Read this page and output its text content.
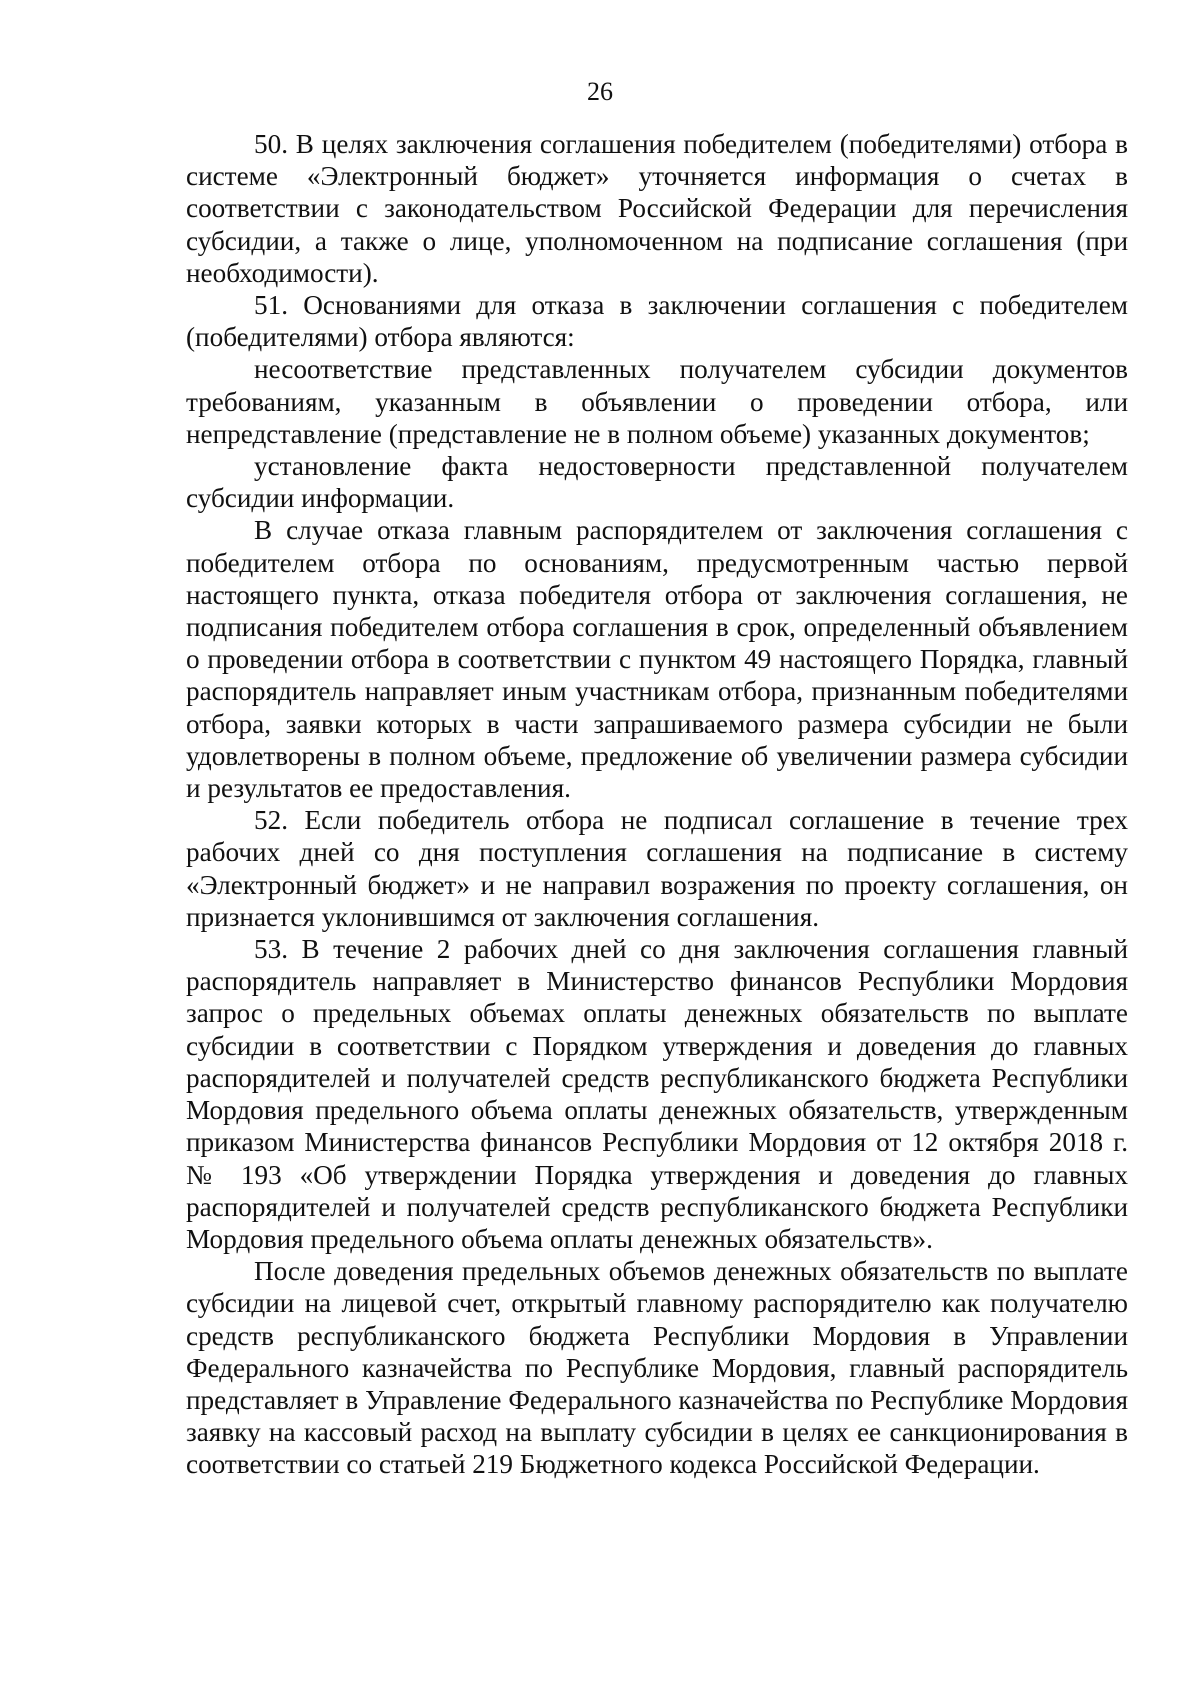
26

50. В целях заключения соглашения победителем (победителями) отбора в системе «Электронный бюджет» уточняется информация о счетах в соответствии с законодательством Российской Федерации для перечисления субсидии, а также о лице, уполномоченном на подписание соглашения (при необходимости).

51. Основаниями для отказа в заключении соглашения с победителем (победителями) отбора являются:

несоответствие представленных получателем субсидии документов требованиям, указанным в объявлении о проведении отбора, или непредставление (представление не в полном объеме) указанных документов;

установление факта недостоверности представленной получателем субсидии информации.

В случае отказа главным распорядителем от заключения соглашения с победителем отбора по основаниям, предусмотренным частью первой настоящего пункта, отказа победителя отбора от заключения соглашения, не подписания победителем отбора соглашения в срок, определенный объявлением о проведении отбора в соответствии с пунктом 49 настоящего Порядка, главный распорядитель направляет иным участникам отбора, признанным победителями отбора, заявки которых в части запрашиваемого размера субсидии не были удовлетворены в полном объеме, предложение об увеличении размера субсидии и результатов ее предоставления.

52. Если победитель отбора не подписал соглашение в течение трех рабочих дней со дня поступления соглашения на подписание в систему «Электронный бюджет» и не направил возражения по проекту соглашения, он признается уклонившимся от заключения соглашения.

53. В течение 2 рабочих дней со дня заключения соглашения главный распорядитель направляет в Министерство финансов Республики Мордовия запрос о предельных объемах оплаты денежных обязательств по выплате субсидии в соответствии с Порядком утверждения и доведения до главных распорядителей и получателей средств республиканского бюджета Республики Мордовия предельного объема оплаты денежных обязательств, утвержденным приказом Министерства финансов Республики Мордовия от 12 октября 2018 г. № 193 «Об утверждении Порядка утверждения и доведения до главных распорядителей и получателей средств республиканского бюджета Республики Мордовия предельного объема оплаты денежных обязательств».

После доведения предельных объемов денежных обязательств по выплате субсидии на лицевой счет, открытый главному распорядителю как получателю средств республиканского бюджета Республики Мордовия в Управлении Федерального казначейства по Республике Мордовия, главный распорядитель представляет в Управление Федерального казначейства по Республике Мордовия заявку на кассовый расход на выплату субсидии в целях ее санкционирования в соответствии со статьей 219 Бюджетного кодекса Российской Федерации.
